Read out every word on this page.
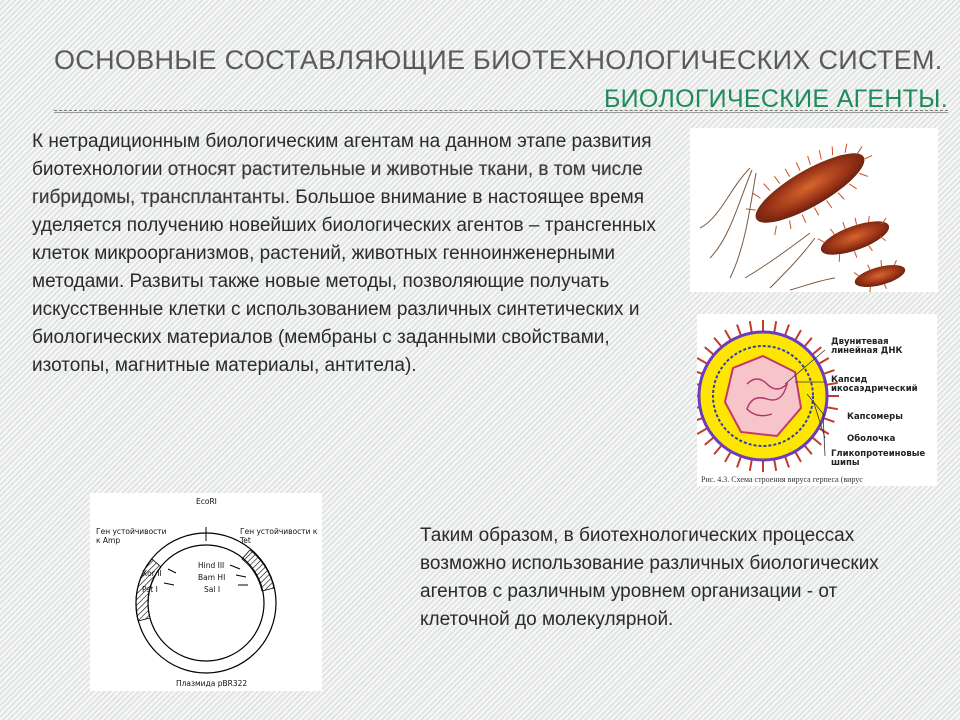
ОСНОВНЫЕ СОСТАВЛЯЮЩИЕ БИОТЕХНОЛОГИЧЕСКИХ СИСТЕМ.
БИОЛОГИЧЕСКИЕ АГЕНТЫ.
К нетрадиционным биологическим агентам на данном этапе развития биотехнологии относят растительные и животные ткани, в том числе гибридомы, трансплантанты. Большое внимание в настоящее время уделяется получению новейших биологических агентов – трансгенных клеток микроорганизмов, растений, животных генноинженерными методами. Развиты также новые методы, позволяющие получать искусственные клетки с использованием различных синтетических и биологических материалов (мембраны с заданными свойствами, изотопы, магнитные материалы, антитела).
Таким образом, в биотехнологических процессах возможно использование различных биологических агентов с различным уровнем организации - от клеточной до молекулярной.
Двунитевая линейная ДНК
Капсид икосаэдрический
Капсомеры
Оболочка
Гликопротеиновые шипы
Рис. 4.3. Схема строения вируса герпеса (вирус
EcoRI
Ген устойчивости к Amp
Ген устойчивости к Tet
Hind III
Bam HI
Sal I
Xor II
Pst I
Плазмида pBR322
